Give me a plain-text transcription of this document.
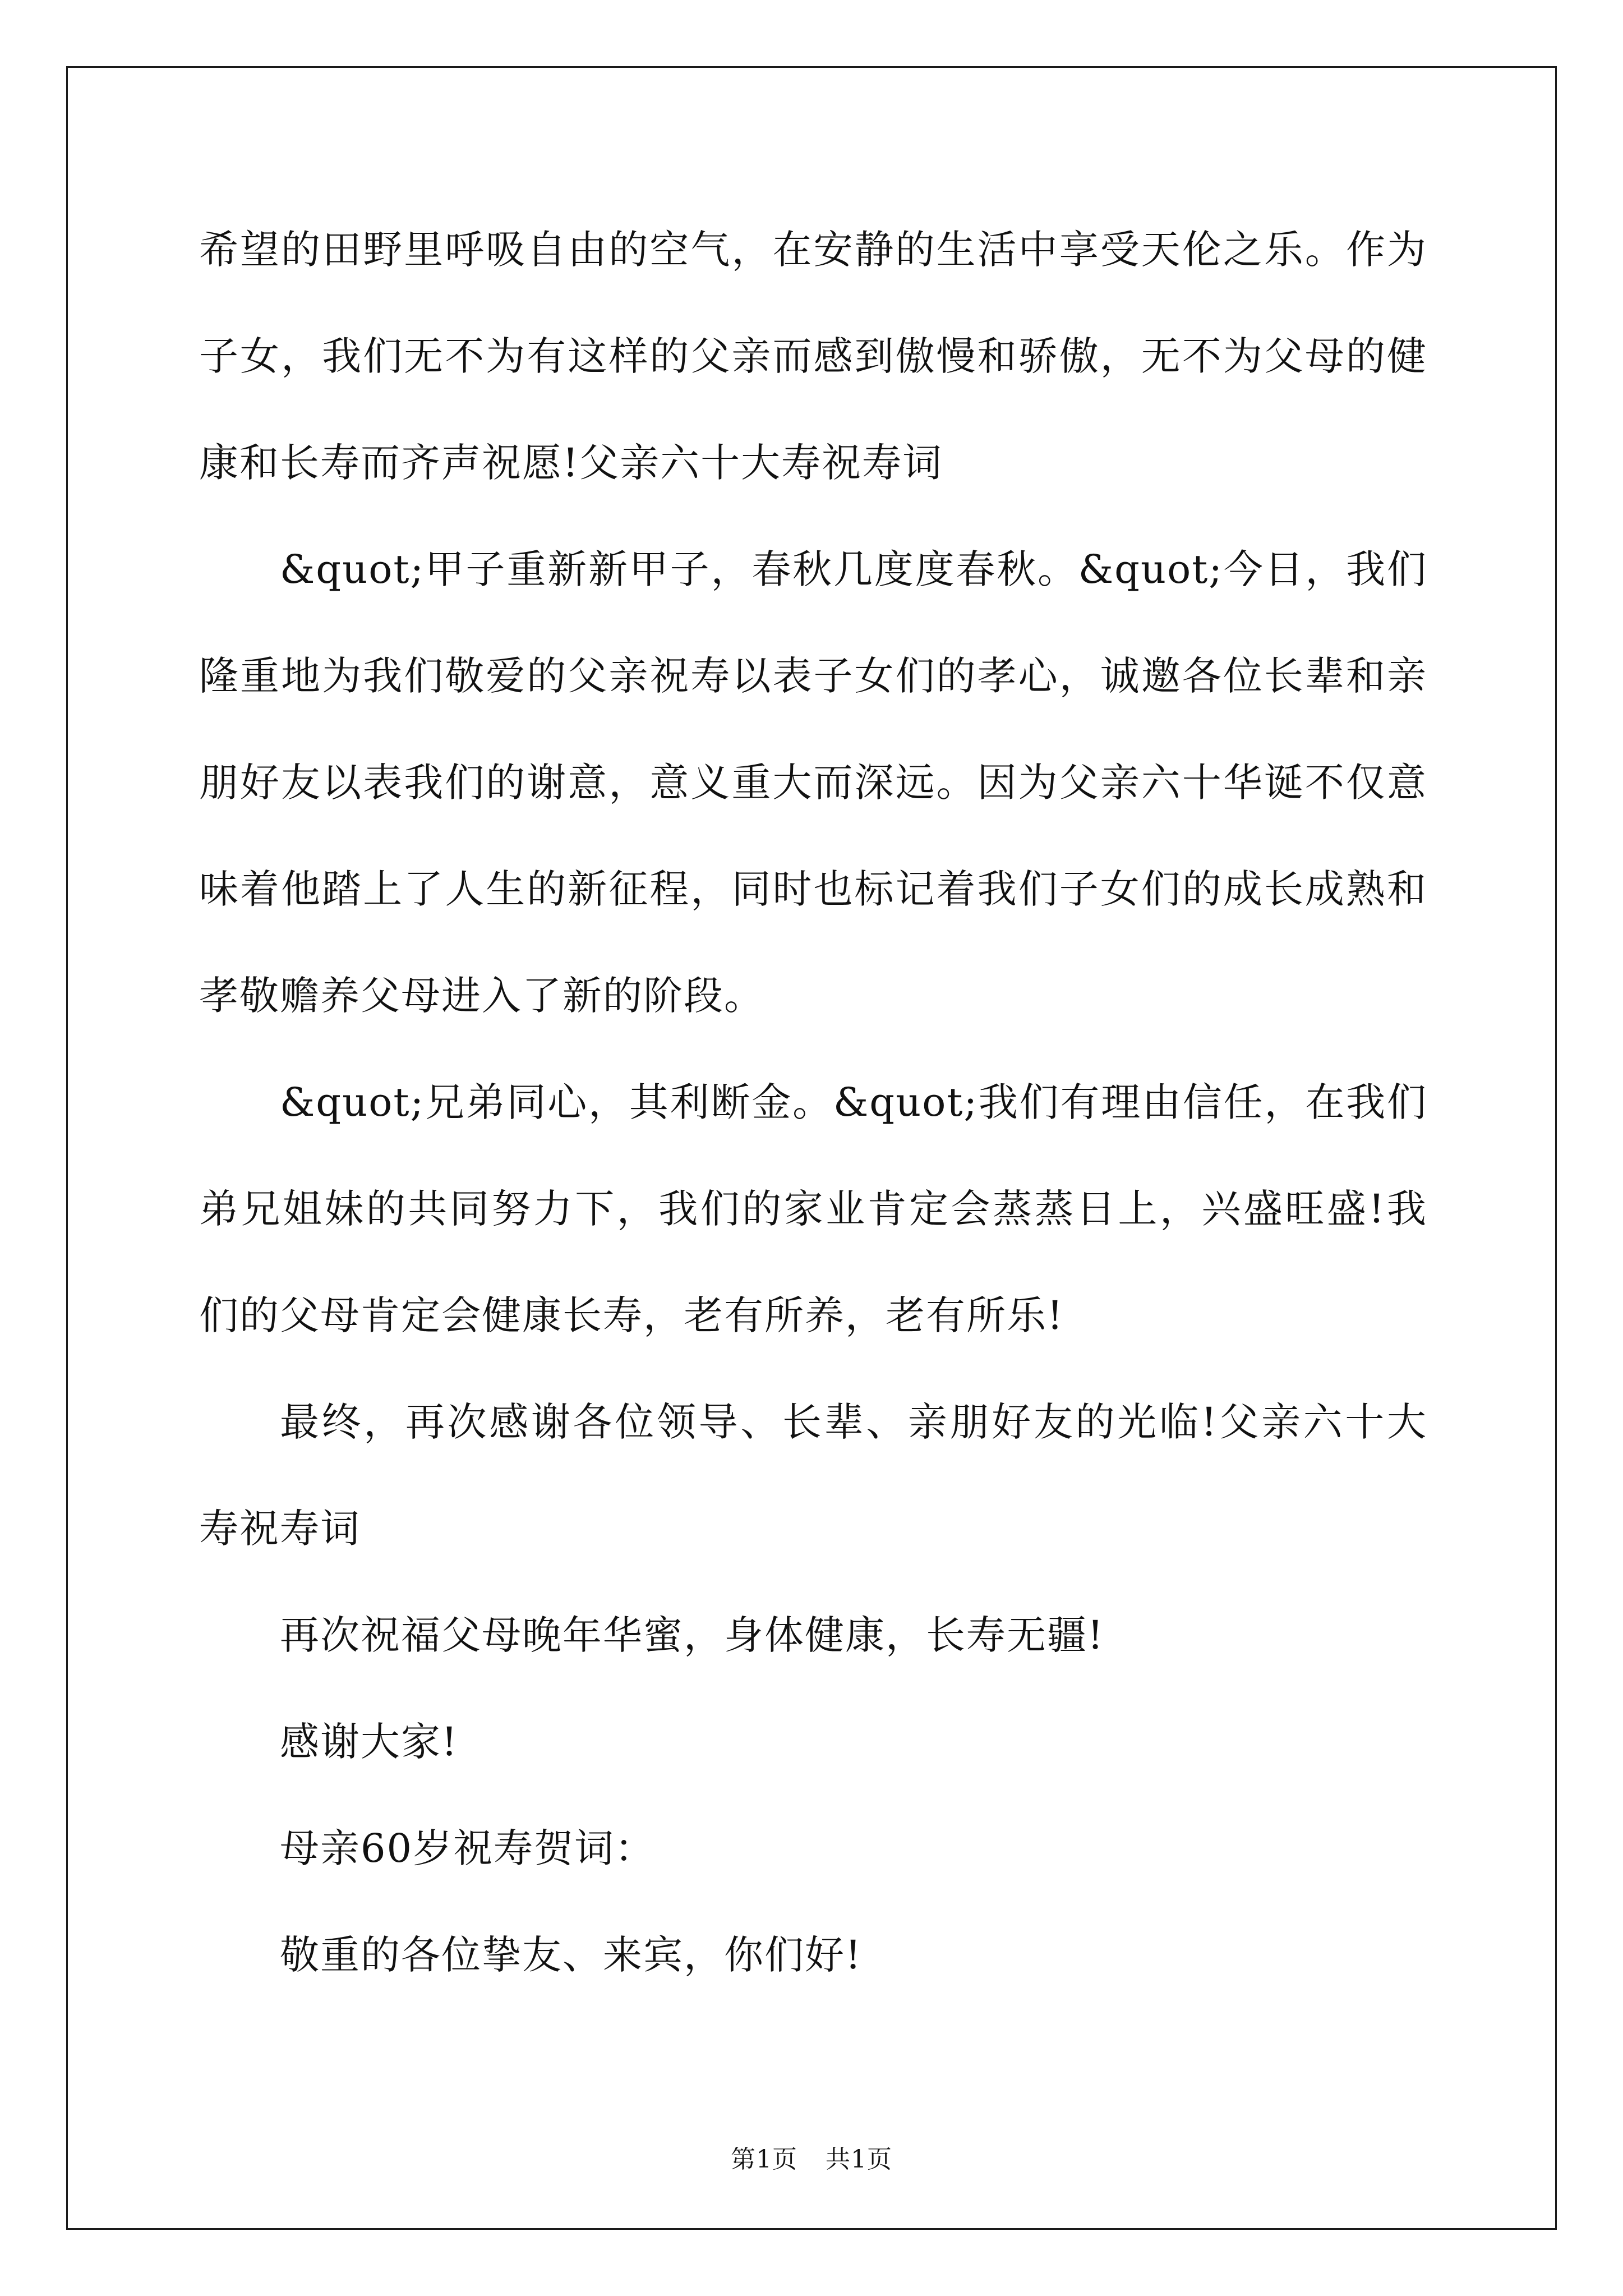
希望的田野里呼吸自由的空气，在安静的生活中享受天伦之乐。作为子女，我们无不为有这样的父亲而感到傲慢和骄傲，无不为父母的健康和长寿而齐声祝愿!父亲六十大寿祝寿词

&quot;甲子重新新甲子，春秋几度度春秋。&quot;今日，我们隆重地为我们敬爱的父亲祝寿以表子女们的孝心，诚邀各位长辈和亲朋好友以表我们的谢意，意义重大而深远。因为父亲六十华诞不仅意味着他踏上了人生的新征程，同时也标记着我们子女们的成长成熟和孝敬赡养父母进入了新的阶段。

&quot;兄弟同心，其利断金。&quot;我们有理由信任，在我们弟兄姐妹的共同努力下，我们的家业肯定会蒸蒸日上，兴盛旺盛!我们的父母肯定会健康长寿，老有所养，老有所乐!

最终，再次感谢各位领导、长辈、亲朋好友的光临!父亲六十大寿祝寿词

再次祝福父母晚年华蜜，身体健康，长寿无疆!

感谢大家!

母亲60岁祝寿贺词：

敬重的各位挚友、来宾，你们好!

第1页 共1页
